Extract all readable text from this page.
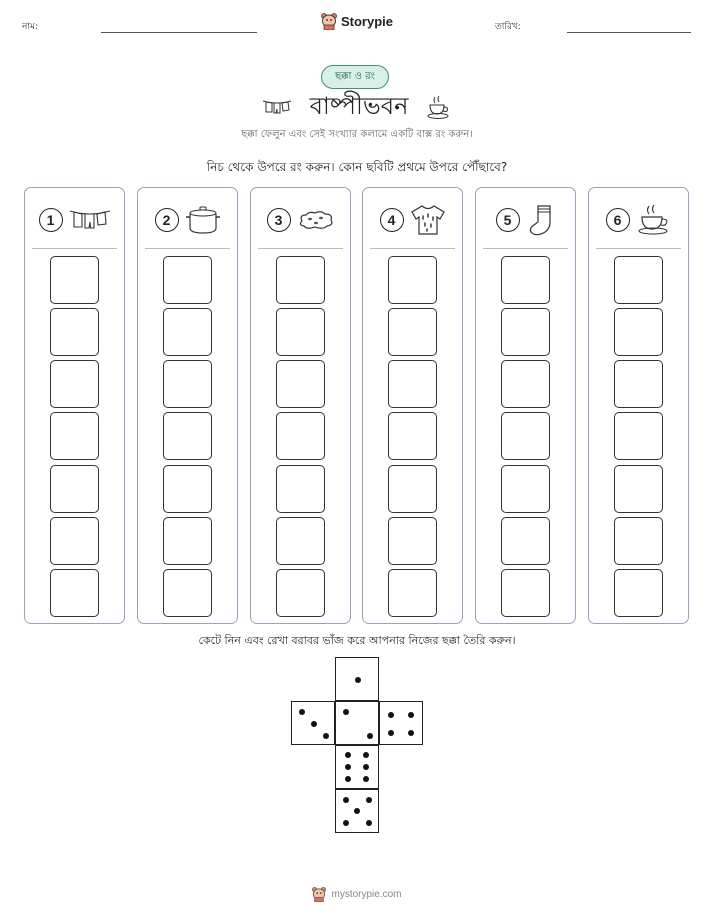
নাম:	Storypie	তারিখ:
ছক্কা ও রং
বাষ্পীভবন
ছক্কা ফেলুন এবং সেই সংখ্যার কলামে একটি বাক্স রং করুন।
নিচ থেকে উপরে রং করুন। কোন ছবিটি প্রথমে উপরে পৌঁছাবে?
1	2	3	4	5	6
কেটে নিন এবং রেখা বরাবর ভাঁজ করে আপনার নিজের ছক্কা তৈরি করুন।
mystorypie.com
